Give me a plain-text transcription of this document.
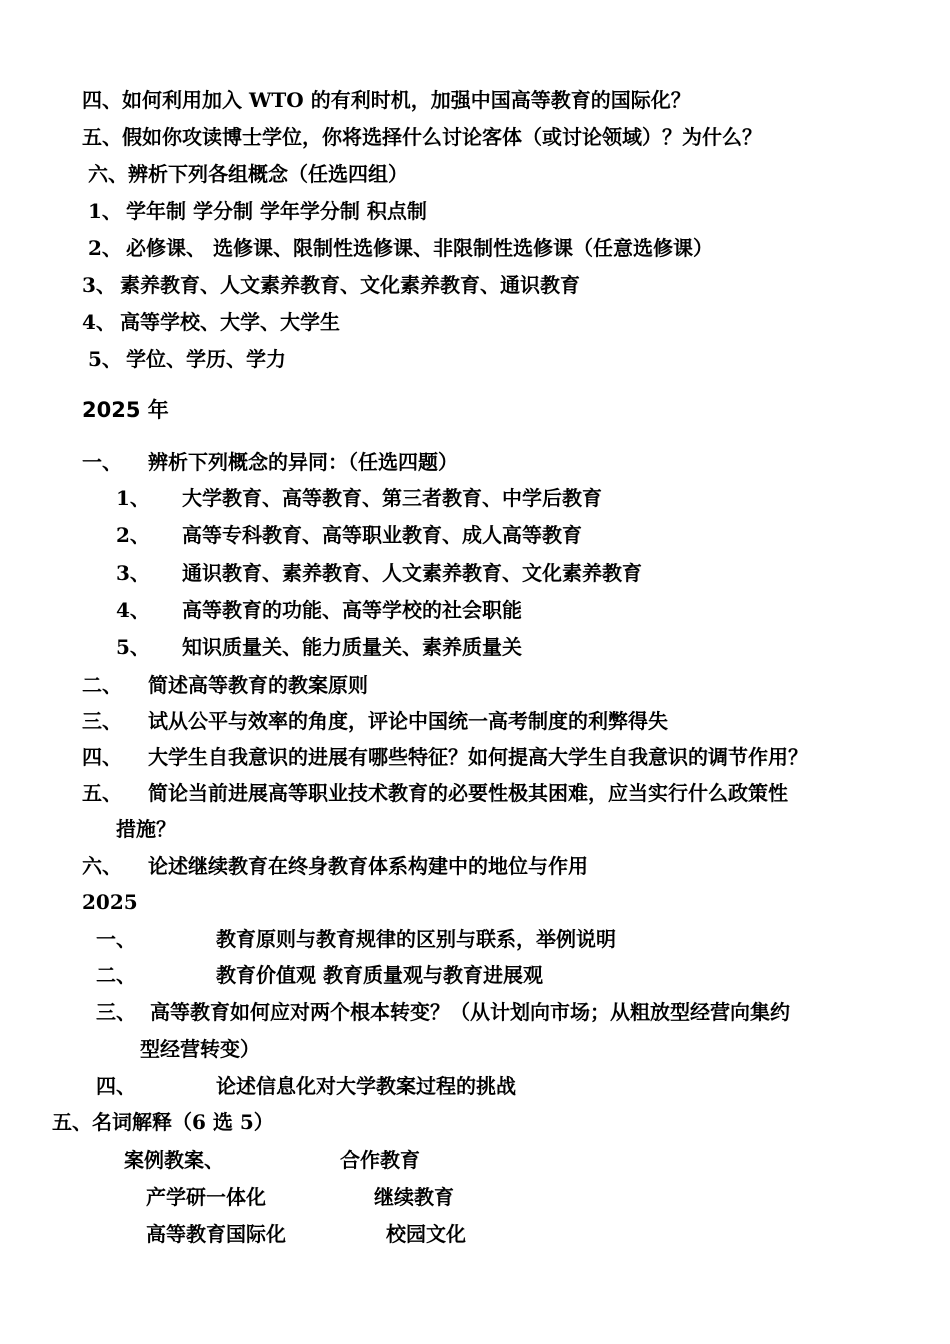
四、如何利用加入 WTO 的有利时机，加强中国高等教育的国际化？
五、假如你攻读博士学位，你将选择什么讨论客体（或讨论领域）？为什么？
六、辨析下列各组概念（任选四组）
1、 学年制 学分制 学年学分制 积点制
2、 必修课、 选修课、限制性选修课、非限制性选修课（任意选修课）
3、 素养教育、人文素养教育、文化素养教育、通识教育
4、 高等学校、大学、大学生
5、 学位、学历、学力
2025 年
一、 辨析下列概念的异同：（任选四题）
1、 大学教育、高等教育、第三者教育、中学后教育
2、 高等专科教育、高等职业教育、成人高等教育
3、 通识教育、素养教育、人文素养教育、文化素养教育
4、 高等教育的功能、高等学校的社会职能
5、 知识质量关、能力质量关、素养质量关
二、 简述高等教育的教案原则
三、 试从公平与效率的角度，评论中国统一高考制度的利弊得失
四、 大学生自我意识的进展有哪些特征？如何提高大学生自我意识的调节作用？
五、 简论当前进展高等职业技术教育的必要性极其困难，应当实行什么政策性
措施？
六、 论述继续教育在终身教育体系构建中的地位与作用
2025
一、	教育原则与教育规律的区别与联系，举例说明
二、	教育价值观 教育质量观与教育进展观
三、 高等教育如何应对两个根本转变？（从计划向市场；从粗放型经营向集约
型经营转变）
四、	论述信息化对大学教案过程的挑战
五、名词解释（6 选 5）
案例教案、	合作教育
产学研一体化	继续教育
高等教育国际化	校园文化
